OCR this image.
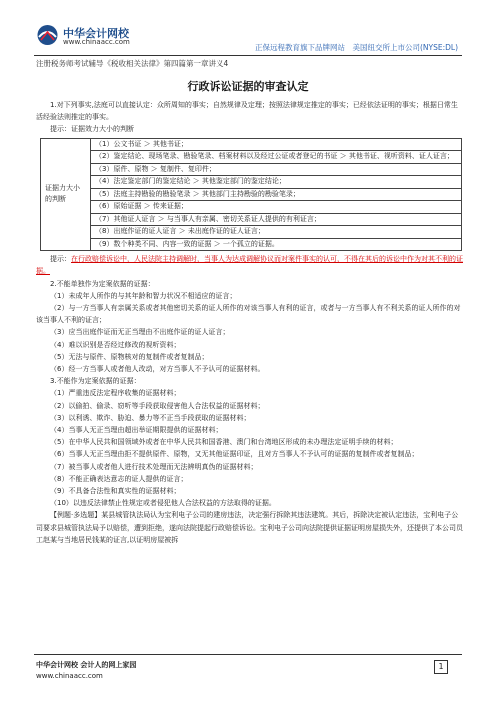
中华会计网校
www.chinaacc.com
正保远程教育旗下品牌网站　美国纽交所上市公司(NYSE:DL)
注册税务师考试辅导《税收相关法律》第四篇第一章讲义4
行政诉讼证据的审查认定

1.对下列事实,法庭可以直接认定：众所周知的事实；自然规律及定理；按照法律规定推定的事实；已经依法证明的事实；根据日常生活经验法则推定的事实。

提示：证据效力大小的判断

证据力大小的判断	（1）公文书证 ＞ 其他书证；
（2）鉴定结论、现场笔录、勘验笔录、档案材料以及经过公证或者登记的书证 ＞ 其他书证、视听资料、证人证言；
（3）原件、原物 ＞ 复制件、复印件；
（4）法定鉴定部门的鉴定结论 ＞ 其他鉴定部门的鉴定结论；
（5）法庭主持勘验的勘验笔录 ＞ 其他部门主持勘验的勘验笔录；
（6）原始证据 ＞ 传来证据；
（7）其他证人证言 ＞ 与当事人有亲属、密切关系证人提供的有利证言；
（8）出庭作证的证人证言 ＞ 未出庭作证的证人证言；
（9）数个种类不同、内容一致的证据 ＞ 一个孤立的证据。

提示：在行政赔偿诉讼中，人民法院主持调解时，当事人为达成调解协议而对案件事实的认可，不得在其后的诉讼中作为对其不利的证据。

2.不能单独作为定案依据的证据：

（1）未成年人所作的与其年龄和智力状况不相适应的证言；

（2）与一方当事人有亲属关系或者其他密切关系的证人所作的对该当事人有利的证言，或者与一方当事人有不利关系的证人所作的对该当事人不利的证言；

（3）应当出庭作证而无正当理由不出庭作证的证人证言；

（4）难以识别是否经过修改的视听资料；

（5）无法与原件、原物核对的复制件或者复制品；

（6）经一方当事人或者他人改动，对方当事人不予认可的证据材料。

3.不能作为定案依据的证据：

（1）严重违反法定程序收集的证据材料；

（2）以偷拍、偷录、窃听等手段获取侵害他人合法权益的证据材料；

（3）以利诱、欺诈、胁迫、暴力等不正当手段获取的证据材料；

（4）当事人无正当理由超出举证期限提供的证据材料；

（5）在中华人民共和国领域外或者在中华人民共和国香港、澳门和台湾地区形成的未办理法定证明手续的材料；

（6）当事人无正当理由拒不提供原件、原物，又无其他证据印证，且对方当事人不予认可的证据的复制件或者复制品；

（7）被当事人或者他人进行技术处理而无法辨明真伪的证据材料；

（8）不能正确表达意志的证人提供的证言；

（9）不具备合法性和真实性的证据材料；

（10）以违反法律禁止性规定或者侵犯他人合法权益的方法取得的证据。

【例题·多选题】某县城管执法局认为宝利电子公司的建房违法，决定强行拆除其违法建筑。其后，拆除决定被认定违法，宝利电子公司要求县城管执法局予以赔偿，遭到拒绝，遂向法院提起行政赔偿诉讼。宝利电子公司向法院提供证据证明房屋损失外，还提供了本公司员工赵某与当地居民钱某的证言,以证明房屋被拆

中华会计网校 会计人的网上家园
www.chinaacc.com
1
